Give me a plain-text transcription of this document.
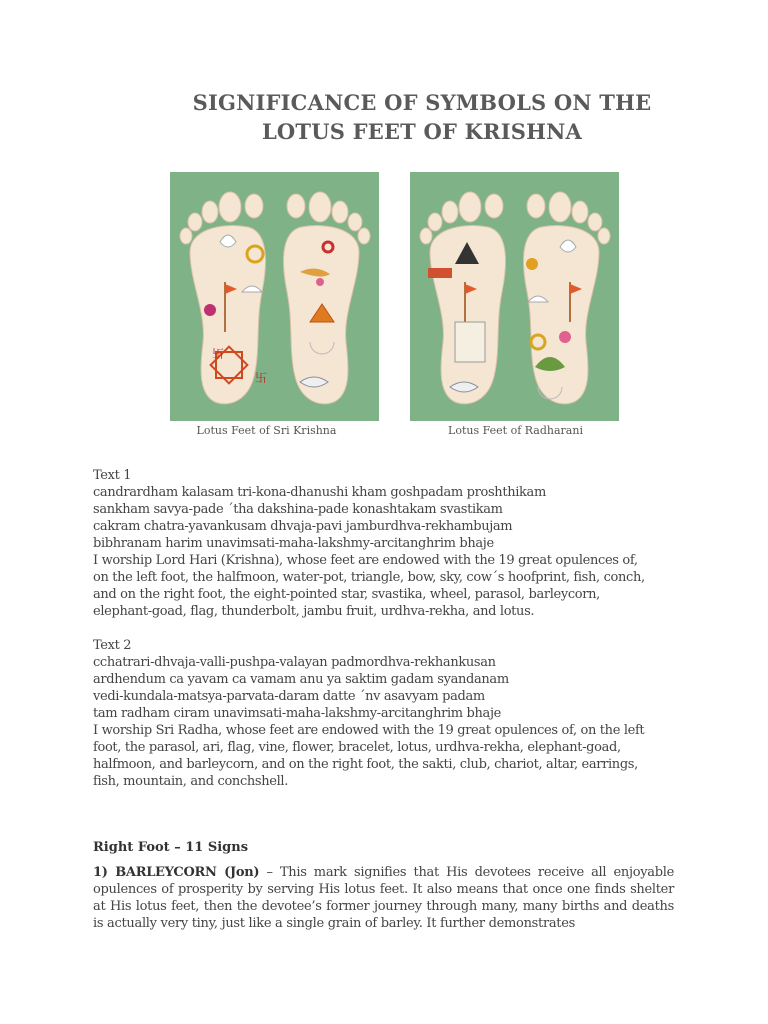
SIGNIFICANCE OF SYMBOLS ON THE
LOTUS FEET OF KRISHNA
卐
卐
Lotus Feet of Sri Krishna	Lotus Feet of Radharani
Text 1
candrardham kalasam tri-kona-dhanushi kham goshpadam proshthikam
sankham savya-pade ´tha dakshina-pade konashtakam svastikam
cakram chatra-yavankusam dhvaja-pavi jamburdhva-rekhambujam
bibhranam harim unavimsati-maha-lakshmy-arcitanghrim bhaje
I worship Lord Hari (Krishna), whose feet are endowed with the 19 great opulences of,
on the left foot, the halfmoon, water-pot, triangle, bow, sky, cow´s hoofprint, fish, conch,
and on the right foot, the eight-pointed star, svastika, wheel, parasol, barleycorn,
elephant-goad, flag, thunderbolt, jambu fruit, urdhva-rekha, and lotus.
Text 2
cchatrari-dhvaja-valli-pushpa-valayan padmordhva-rekhankusan
ardhendum ca yavam ca vamam anu ya saktim gadam syandanam
vedi-kundala-matsya-parvata-daram datte ´nv asavyam padam
tam radham ciram unavimsati-maha-lakshmy-arcitanghrim bhaje
I worship Sri Radha, whose feet are endowed with the 19 great opulences of, on the left
foot, the parasol, ari, flag, vine, flower, bracelet, lotus, urdhva-rekha, elephant-goad,
halfmoon, and barleycorn, and on the right foot, the sakti, club, chariot, altar, earrings,
fish, mountain, and conchshell.
Right Foot – 11 Signs
1) BARLEYCORN (Jon) – This mark signifies that His devotees receive all enjoyable opulences of prosperity by serving His lotus feet. It also means that once one finds shelter at His lotus feet, then the devotee’s former journey through many, many births and deaths is actually very tiny, just like a single grain of barley. It further demonstrates
